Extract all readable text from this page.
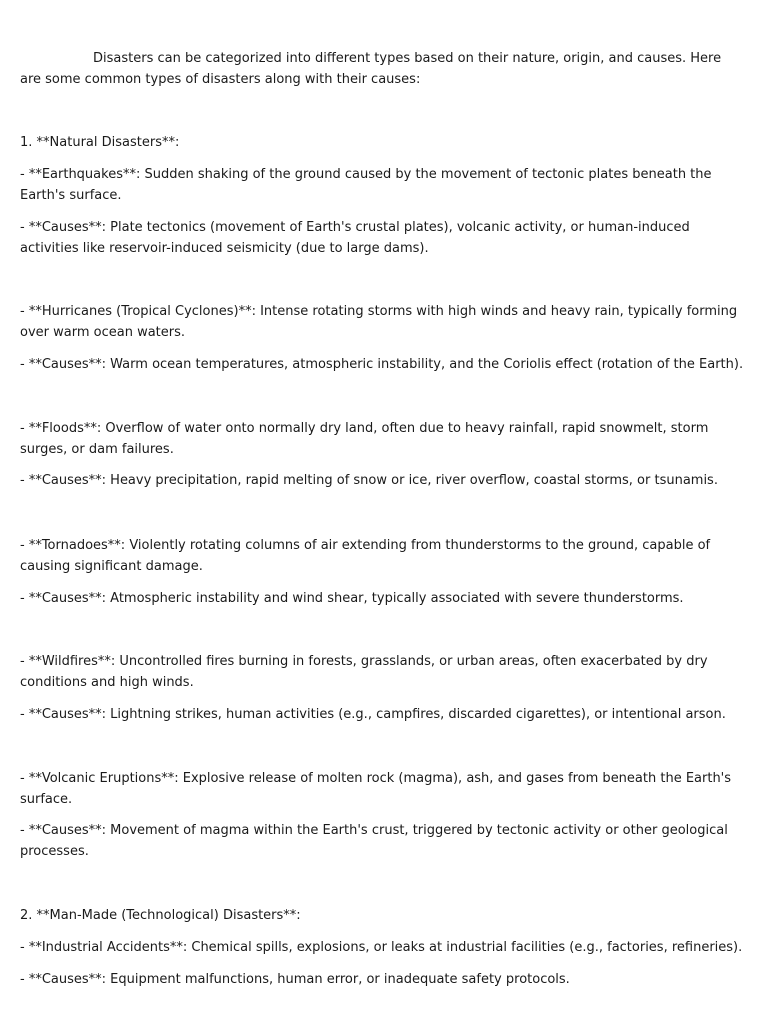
Disasters can be categorized into different types based on their nature, origin, and causes. Here are some common types of disasters along with their causes:

1. **Natural Disasters**:

- **Earthquakes**: Sudden shaking of the ground caused by the movement of tectonic plates beneath the Earth's surface.

- **Causes**: Plate tectonics (movement of Earth's crustal plates), volcanic activity, or human-induced activities like reservoir-induced seismicity (due to large dams).

- **Hurricanes (Tropical Cyclones)**: Intense rotating storms with high winds and heavy rain, typically forming over warm ocean waters.

- **Causes**: Warm ocean temperatures, atmospheric instability, and the Coriolis effect (rotation of the Earth).

- **Floods**: Overflow of water onto normally dry land, often due to heavy rainfall, rapid snowmelt, storm surges, or dam failures.

- **Causes**: Heavy precipitation, rapid melting of snow or ice, river overflow, coastal storms, or tsunamis.

- **Tornadoes**: Violently rotating columns of air extending from thunderstorms to the ground, capable of causing significant damage.

- **Causes**: Atmospheric instability and wind shear, typically associated with severe thunderstorms.

- **Wildfires**: Uncontrolled fires burning in forests, grasslands, or urban areas, often exacerbated by dry conditions and high winds.

- **Causes**: Lightning strikes, human activities (e.g., campfires, discarded cigarettes), or intentional arson.

- **Volcanic Eruptions**: Explosive release of molten rock (magma), ash, and gases from beneath the Earth's surface.

- **Causes**: Movement of magma within the Earth's crust, triggered by tectonic activity or other geological processes.

2. **Man-Made (Technological) Disasters**:

- **Industrial Accidents**: Chemical spills, explosions, or leaks at industrial facilities (e.g., factories, refineries).

- **Causes**: Equipment malfunctions, human error, or inadequate safety protocols.
